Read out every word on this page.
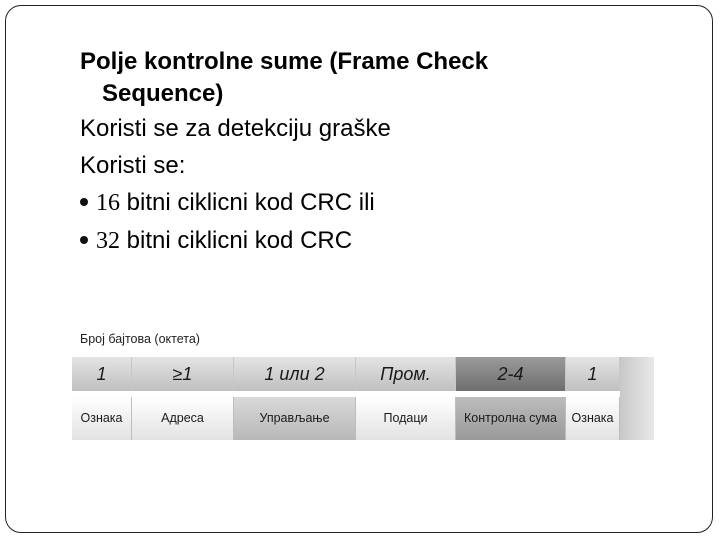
Polje kontrolne sume (Frame Check
Sequence)
Koristi se za detekciju graške
Koristi se:
16 bitni ciklicni kod CRC ili
32 bitni ciklicni kod CRC
Број бајтова (октета)
1
Ознака
≥1
Адреса
1 или 2
Управљање
Пром.
Подаци
2-4
Контролна сума
1
Ознака
